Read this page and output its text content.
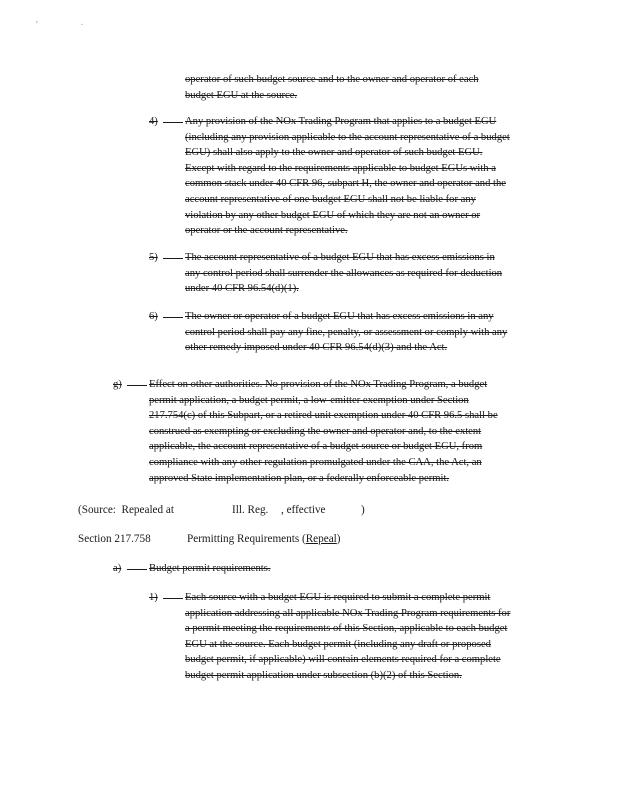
' ·
operator of such budget source and to the owner and operator of each budget EGU at the source.
4)	Any provision of the NOx Trading Program that applies to a budget EGU (including any provision applicable to the account representative of a budget EGU) shall also apply to the owner and operator of such budget EGU. Except with regard to the requirements applicable to budget EGUs with a common stack under 40 CFR 96, subpart H, the owner and operator and the account representative of one budget EGU shall not be liable for any violation by any other budget EGU of which they are not an owner or operator or the account representative.
5)	The account representative of a budget EGU that has excess emissions in any control period shall surrender the allowances as required for deduction under 40 CFR 96.54(d)(1).
6)	The owner or operator of a budget EGU that has excess emissions in any control period shall pay any fine, penalty, or assessment or comply with any other remedy imposed under 40 CFR 96.54(d)(3) and the Act.
g)	Effect on other authorities. No provision of the NOx Trading Program, a budget permit application, a budget permit, a low-emitter exemption under Section 217.754(c) of this Subpart, or a retired unit exemption under 40 CFR 96.5 shall be construed as exempting or excluding the owner and operator and, to the extent applicable, the account representative of a budget source or budget EGU, from compliance with any other regulation promulgated under the CAA, the Act, an approved State implementation plan, or a federally enforceable permit.
(Source:  Repealed at	Ill. Reg. , effective	)
Section 217.758	Permitting Requirements (Repeal)
a)	Budget permit requirements.
1)	Each source with a budget EGU is required to submit a complete permit application addressing all applicable NOx Trading Program requirements for a permit meeting the requirements of this Section, applicable to each budget EGU at the source. Each budget permit (including any draft or proposed budget permit, if applicable) will contain elements required for a complete budget permit application under subsection (b)(2) of this Section.
